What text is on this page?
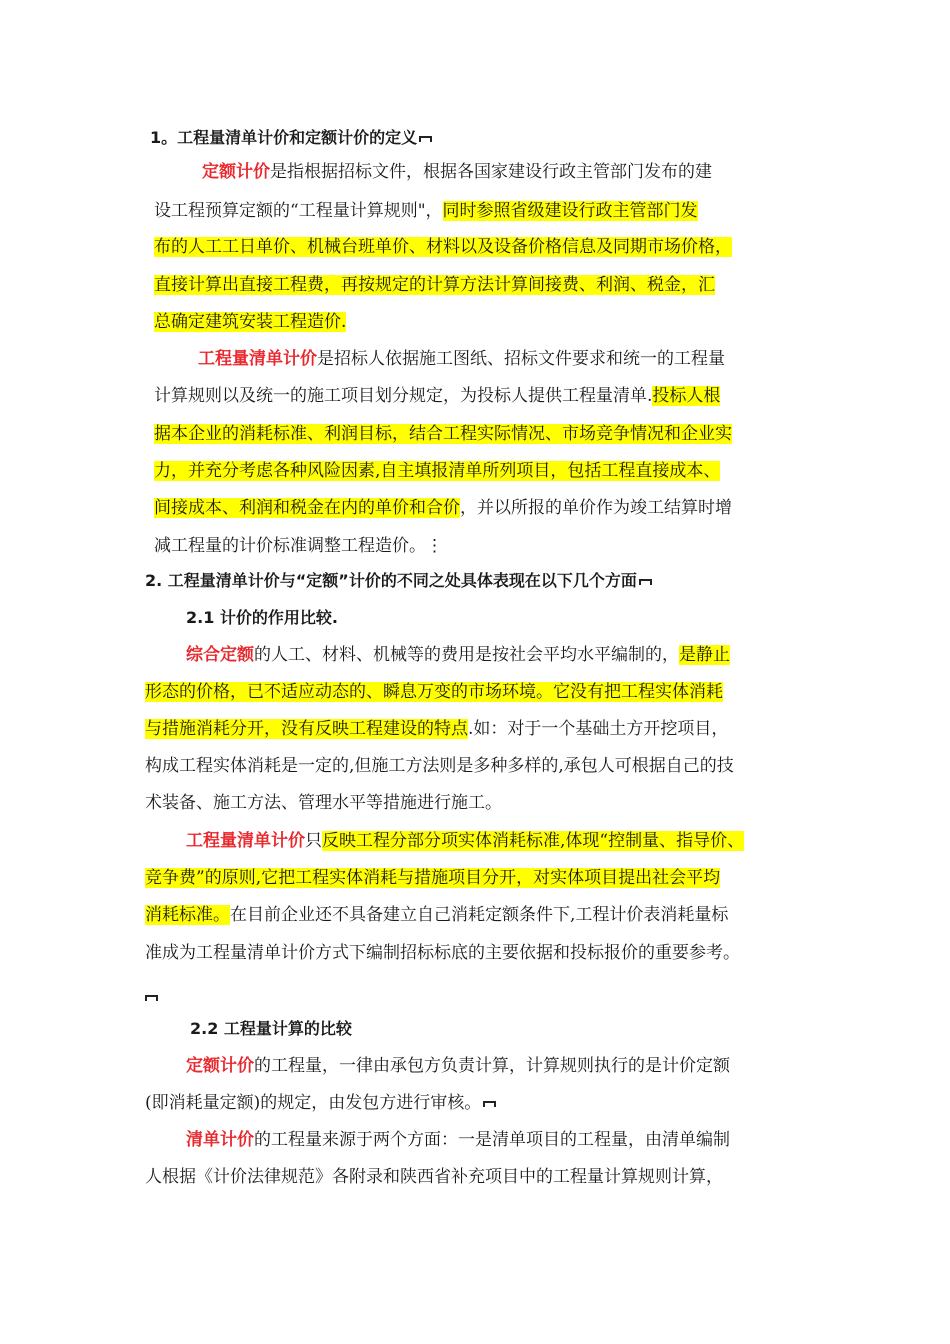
1。工程量清单计价和定额计价的定义
定额计价是指根据招标文件，根据各国家建设行政主管部门发布的建
设工程预算定额的“工程量计算规则"，同时参照省级建设行政主管部门发
布的人工工日单价、机械台班单价、材料以及设备价格信息及同期市场价格，
直接计算出直接工程费，再按规定的计算方法计算间接费、利润、税金，汇
总确定建筑安装工程造价.
工程量清单计价是招标人依据施工图纸、招标文件要求和统一的工程量
计算规则以及统一的施工项目划分规定，为投标人提供工程量清单.投标人根
据本企业的消耗标准、利润目标，结合工程实际情况、市场竞争情况和企业实
力，并充分考虑各种风险因素,自主填报清单所列项目，包括工程直接成本、
间接成本、利润和税金在内的单价和合价，并以所报的单价作为竣工结算时增
减工程量的计价标准调整工程造价。⋮
2. 工程量清单计价与“定额”计价的不同之处具体表现在以下几个方面
2.1 计价的作用比较.
综合定额的人工、材料、机械等的费用是按社会平均水平编制的，是静止
形态的价格，已不适应动态的、瞬息万变的市场环境。它没有把工程实体消耗
与措施消耗分开，没有反映工程建设的特点.如：对于一个基础土方开挖项目，
构成工程实体消耗是一定的,但施工方法则是多种多样的,承包人可根据自己的技
术装备、施工方法、管理水平等措施进行施工。
工程量清单计价只反映工程分部分项实体消耗标准,体现“控制量、指导价、
竞争费”的原则,它把工程实体消耗与措施项目分开，对实体项目提出社会平均
消耗标准。在目前企业还不具备建立自己消耗定额条件下,工程计价表消耗量标
准成为工程量清单计价方式下编制招标标底的主要依据和投标报价的重要参考。
2.2 工程量计算的比较
定额计价的工程量，一律由承包方负责计算，计算规则执行的是计价定额
(即消耗量定额)的规定，由发包方进行审核。
清单计价的工程量来源于两个方面：一是清单项目的工程量，由清单编制
人根据《计价法律规范》各附录和陕西省补充项目中的工程量计算规则计算，
